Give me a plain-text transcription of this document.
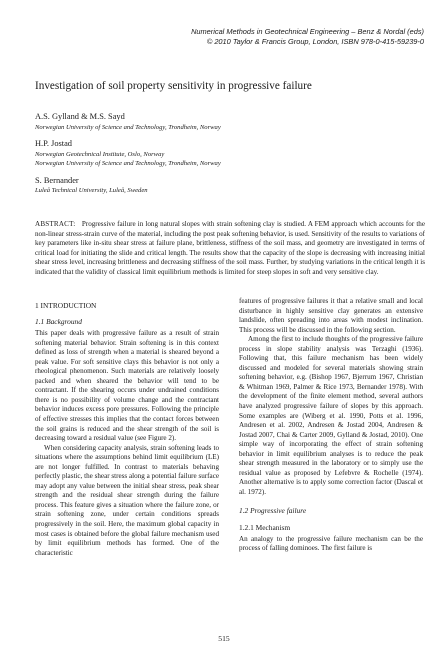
Numerical Methods in Geotechnical Engineering – Benz & Nordal (eds)
© 2010 Taylor & Francis Group, London, ISBN 978-0-415-59239-0
Investigation of soil property sensitivity in progressive failure
A.S. Gylland & M.S. Sayd
Norwegian University of Science and Technology, Trondheim, Norway
H.P. Jostad
Norwegian Geotechnical Institute, Oslo, Norway
Norwegian University of Science and Technology, Trondheim, Norway
S. Bernander
Luleå Technical University, Luleå, Sweden

ABSTRACT: Progressive failure in long natural slopes with strain softening clay is studied. A FEM approach which accounts for the non-linear stress-strain curve of the material, including the post peak softening behavior, is used. Sensitivity of the results to variations of key parameters like in-situ shear stress at failure plane, brittleness, stiffness of the soil mass, and geometry are investigated in terms of critical load for initiating the slide and critical length. The results show that the capacity of the slope is decreasing with increasing initial shear stress level, increasing brittleness and decreasing stiffness of the soil mass. Further, by studying variations in the critical length it is indicated that the validity of classical limit equilibrium methods is limited for steep slopes in soft and very sensitive clay.

1 INTRODUCTION
1.1 Background

This paper deals with progressive failure as a result of strain softening material behavior. Strain softening is in this context defined as loss of strength when a material is sheared beyond a peak value. For soft sensitive clays this behavior is not only a rheological phenomenon. Such materials are relatively loosely packed and when sheared the behavior will tend to be contractant. If the shearing occurs under undrained conditions there is no possibility of volume change and the contractant behavior induces excess pore pressures. Following the principle of effective stresses this implies that the contact forces between the soil grains is reduced and the shear strength of the soil is decreasing toward a residual value (see Figure 2).

When considering capacity analysis, strain softening leads to situations where the assumptions behind limit equilibrium (LE) are not longer fulfilled. In contrast to materials behaving perfectly plastic, the shear stress along a potential failure surface may adopt any value between the initial shear stress, peak shear strength and the residual shear strength during the failure process. This feature gives a situation where the failure zone, or strain softening zone, under certain conditions spreads progressively in the soil. Here, the maximum global capacity in most cases is obtained before the global failure mechanism used by limit equilibrium methods has formed. One of the characteristic

features of progressive failures it that a relative small and local disturbance in highly sensitive clay generates an extensive landslide, often spreading into areas with modest inclination. This process will be discussed in the following section.

Among the first to include thoughts of the progressive failure process in slope stability analysis was Terzaghi (1936). Following that, this failure mechanism has been widely discussed and modeled for several materials showing strain softening behavior, e.g. (Bishop 1967, Bjerrum 1967, Christian & Whitman 1969, Palmer & Rice 1973, Bernander 1978). With the development of the finite element method, several authors have analyzed progressive failure of slopes by this approach. Some examples are (Wiberg et al. 1990, Potts et al. 1996, Andresen et al. 2002, Andresen & Jostad 2004, Andresen & Jostad 2007, Chai & Carter 2009, Gylland & Jostad, 2010). One simple way of incorporating the effect of strain softening behavior in limit equilibrium analyses is to reduce the peak shear strength measured in the laboratory or to simply use the residual value as proposed by Lefebvre & Rochelle (1974). Another alternative is to apply some correction factor (Dascal et al. 1972).

1.2 Progressive failure
1.2.1 Mechanism

An analogy to the progressive failure mechanism can be the process of falling dominoes. The first failure is

515
